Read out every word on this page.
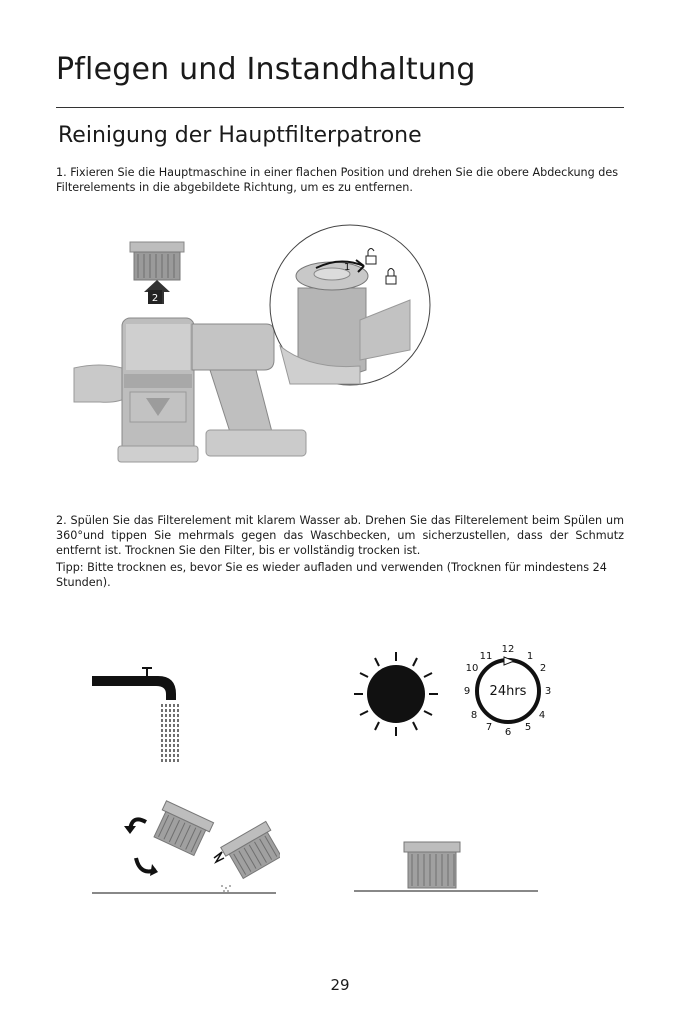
Pflegen und Instandhaltung
Reinigung der Hauptfilterpatrone

1. Fixieren Sie die Hauptmaschine in einer flachen Position und drehen Sie die obere Abdeckung des Filterelements in die abgebildete Richtung, um es zu entfernen.

2
1

2. Spülen Sie das Filterelement mit klarem Wasser ab. Drehen Sie das Filterelement beim Spülen um 360°und tippen Sie mehrmals gegen das Waschbecken, um sicherzustellen, dass der Schmutz entfernt ist. Trocknen Sie den Filter, bis er vollständig trocken ist.

Tipp: Bitte trocknen es, bevor Sie es wieder aufladen und verwenden (Trocknen für mindestens 24 Stunden).

24hrs
12
1
2
3
4
5
6
7
8
9
10
11
29
